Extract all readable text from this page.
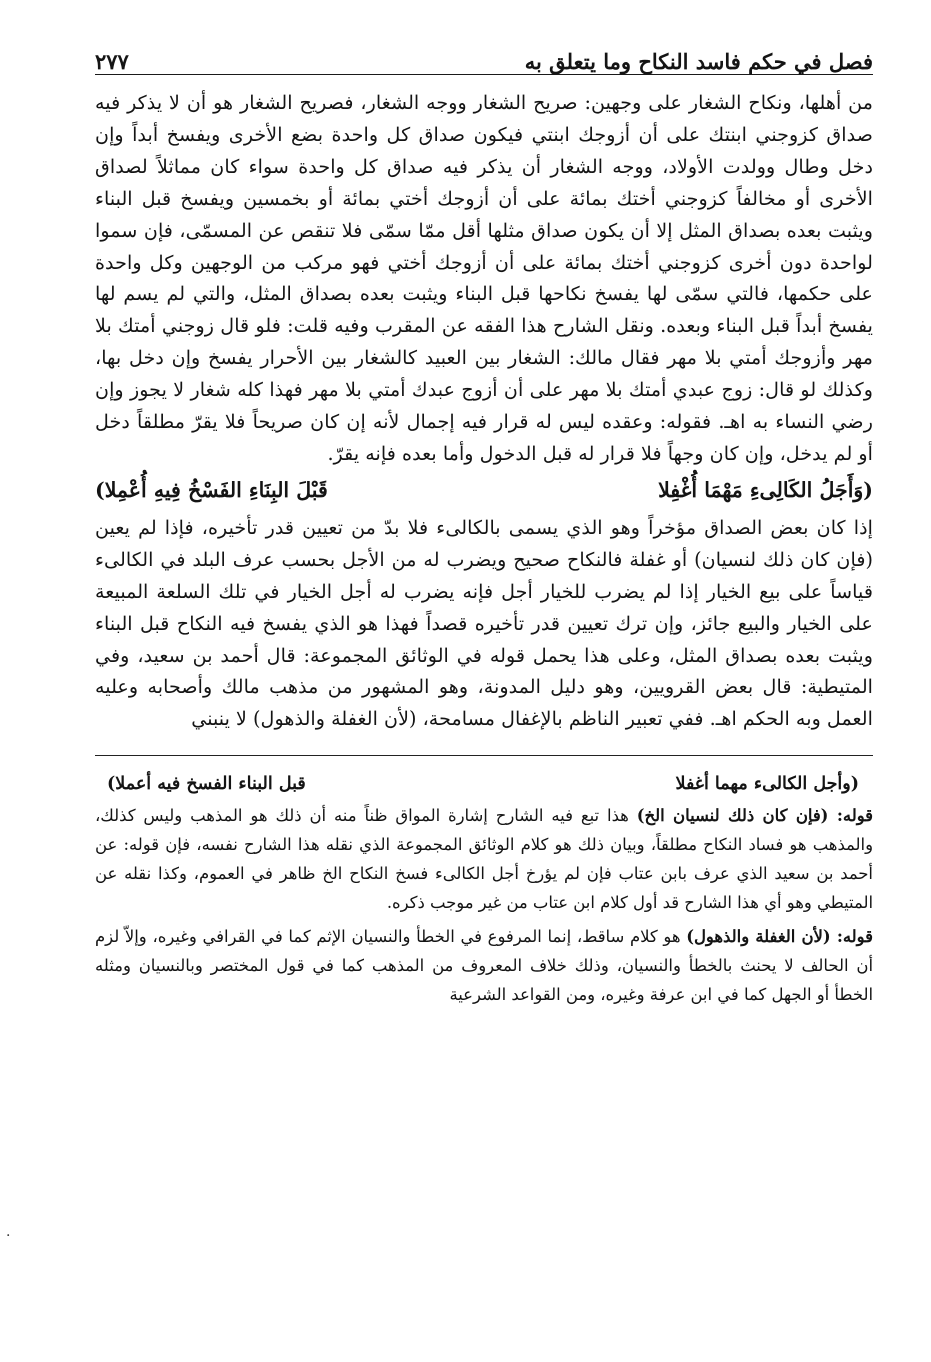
فصل في حكم فاسد النكاح وما يتعلق به
٢٧٧

من أهلها، ونكاح الشغار على وجهين: صريح الشغار ووجه الشغار، فصريح الشغار هو أن لا يذكر فيه صداق كزوجني ابنتك على أن أزوجك ابنتي فيكون صداق كل واحدة بضع الأخرى ويفسخ أبداً وإن دخل وطال وولدت الأولاد، ووجه الشغار أن يذكر فيه صداق كل واحدة سواء كان مماثلاً لصداق الأخرى أو مخالفاً كزوجني أختك بمائة على أن أزوجك أختي بمائة أو بخمسين ويفسخ قبل البناء ويثبت بعده بصداق المثل إلا أن يكون صداق مثلها أقل ممّا سمّى فلا تنقص عن المسمّى، فإن سموا لواحدة دون أخرى كزوجني أختك بمائة على أن أزوجك أختي فهو مركب من الوجهين وكل واحدة على حكمها، فالتي سمّى لها يفسخ نكاحها قبل البناء ويثبت بعده بصداق المثل، والتي لم يسم لها يفسخ أبداً قبل البناء وبعده. ونقل الشارح هذا الفقه عن المقرب وفيه قلت: فلو قال زوجني أمتك بلا مهر وأزوجك أمتي بلا مهر فقال مالك: الشغار بين العبيد كالشغار بين الأحرار يفسخ وإن دخل بها، وكذلك لو قال: زوج عبدي أمتك بلا مهر على أن أزوج عبدك أمتي بلا مهر فهذا كله شغار لا يجوز وإن رضي النساء به اهـ. فقوله: وعقده ليس له قرار فيه إجمال لأنه إن كان صريحاً فلا يقرّ مطلقاً دخل أو لم يدخل، وإن كان وجهاً فلا قرار له قبل الدخول وأما بعده فإنه يقرّ.

(وَأَجَلُ الكَالِىءِ مَهْمَا أُغْفِلا
قَبْلَ البِنَاءِ الفَسْخُ فِيهِ أُعْمِلا)

إذا كان بعض الصداق مؤخراً وهو الذي يسمى بالكالىء فلا بدّ من تعيين قدر تأخيره، فإذا لم يعين (فإن كان ذلك لنسيان) أو غفلة فالنكاح صحيح ويضرب له من الأجل بحسب عرف البلد في الكالىء قياساً على بيع الخيار إذا لم يضرب للخيار أجل فإنه يضرب له أجل الخيار في تلك السلعة المبيعة على الخيار والبيع جائز، وإن ترك تعيين قدر تأخيره قصداً فهذا هو الذي يفسخ فيه النكاح قبل البناء ويثبت بعده بصداق المثل، وعلى هذا يحمل قوله في الوثائق المجموعة: قال أحمد بن سعيد، وفي المتيطية: قال بعض القرويين، وهو دليل المدونة، وهو المشهور من مذهب مالك وأصحابه وعليه العمل وبه الحكم اهـ. ففي تعبير الناظم بالإغفال مسامحة، (لأن الغفلة والذهول) لا ينبني

(وأجل الكالىء مهما أغفلا
قبل البناء الفسخ فيه أعملا)

قوله: (فإن كان ذلك لنسيان الخ) هذا تبع فيه الشارح إشارة المواق ظناً منه أن ذلك هو المذهب وليس كذلك، والمذهب هو فساد النكاح مطلقاً، وبيان ذلك هو كلام الوثائق المجموعة الذي نقله هذا الشارح نفسه، فإن قوله: عن أحمد بن سعيد الذي عرف بابن عتاب فإن لم يؤرخ أجل الكالىء فسخ النكاح الخ ظاهر في العموم، وكذا نقله عن المتيطي وهو أي هذا الشارح قد أول كلام ابن عتاب من غير موجب ذكره.

قوله: (لأن الغفلة والذهول) هو كلام ساقط، إنما المرفوع في الخطأ والنسيان الإثم كما في القرافي وغيره، وإلاّ لزم أن الحالف لا يحنث بالخطأ والنسيان، وذلك خلاف المعروف من المذهب كما في قول المختصر وبالنسيان ومثله الخطأ أو الجهل كما في ابن عرفة وغيره، ومن القواعد الشرعية

·
